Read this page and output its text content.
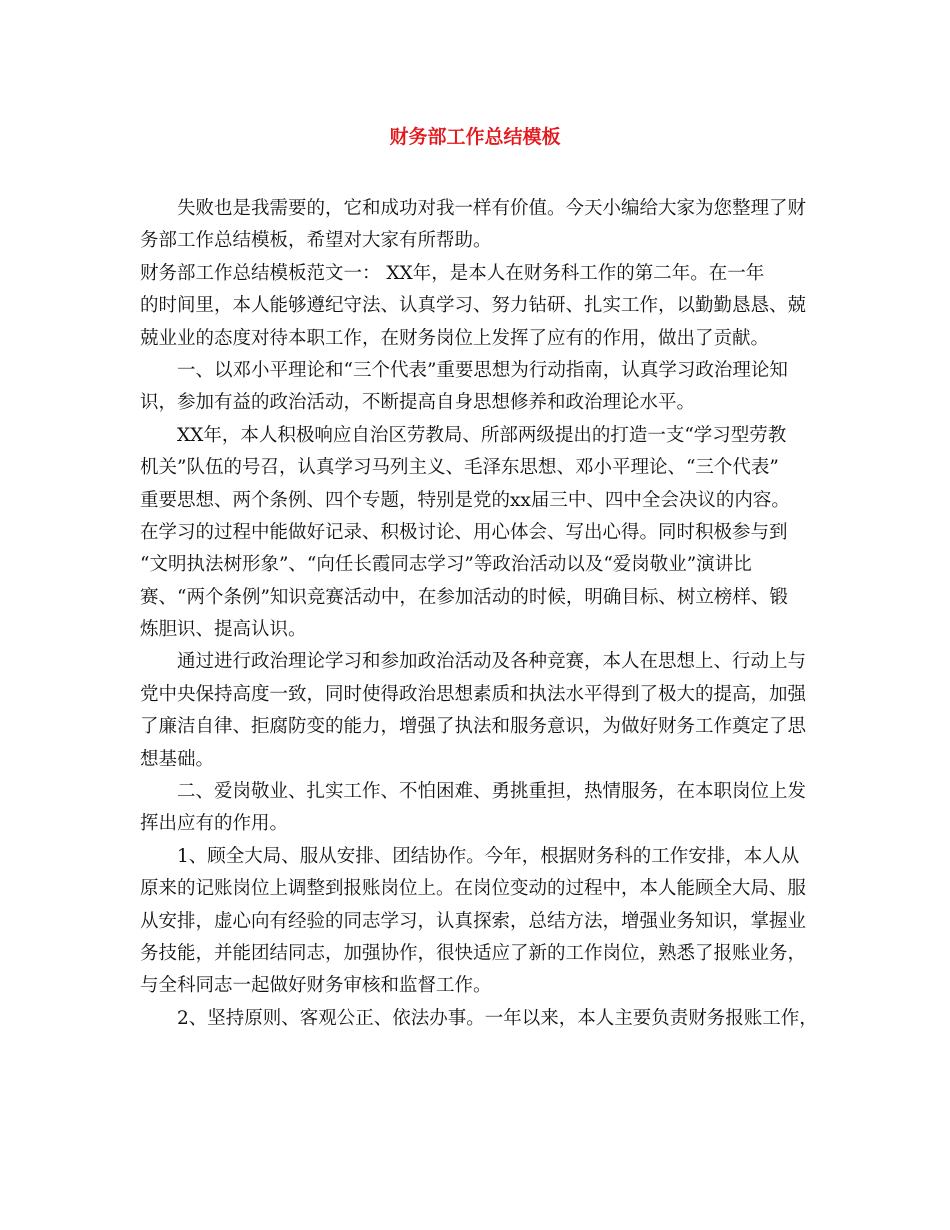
财务部工作总结模板
失败也是我需要的，它和成功对我一样有价值。今天小编给大家为您整理了财
务部工作总结模板，希望对大家有所帮助。
财务部工作总结模板范文一： XX年，是本人在财务科工作的第二年。在一年
的时间里，本人能够遵纪守法、认真学习、努力钻研、扎实工作，以勤勤恳恳、兢
兢业业的态度对待本职工作，在财务岗位上发挥了应有的作用，做出了贡献。
一、以邓小平理论和“三个代表”重要思想为行动指南，认真学习政治理论知
识，参加有益的政治活动，不断提高自身思想修养和政治理论水平。
XX年，本人积极响应自治区劳教局、所部两级提出的打造一支“学习型劳教
机关”队伍的号召，认真学习马列主义、毛泽东思想、邓小平理论、“三个代表”
重要思想、两个条例、四个专题，特别是党的xx届三中、四中全会决议的内容。
在学习的过程中能做好记录、积极讨论、用心体会、写出心得。同时积极参与到
“文明执法树形象”、“向任长霞同志学习”等政治活动以及“爱岗敬业”演讲比
赛、“两个条例”知识竞赛活动中，在参加活动的时候，明确目标、树立榜样、锻
炼胆识、提高认识。
通过进行政治理论学习和参加政治活动及各种竞赛，本人在思想上、行动上与
党中央保持高度一致，同时使得政治思想素质和执法水平得到了极大的提高，加强
了廉洁自律、拒腐防变的能力，增强了执法和服务意识，为做好财务工作奠定了思
想基础。
二、爱岗敬业、扎实工作、不怕困难、勇挑重担，热情服务，在本职岗位上发
挥出应有的作用。
1、顾全大局、服从安排、团结协作。今年，根据财务科的工作安排，本人从
原来的记账岗位上调整到报账岗位上。在岗位变动的过程中，本人能顾全大局、服
从安排，虚心向有经验的同志学习，认真探索，总结方法，增强业务知识，掌握业
务技能，并能团结同志，加强协作，很快适应了新的工作岗位，熟悉了报账业务，
与全科同志一起做好财务审核和监督工作。
2、坚持原则、客观公正、依法办事。一年以来，本人主要负责财务报账工作，
